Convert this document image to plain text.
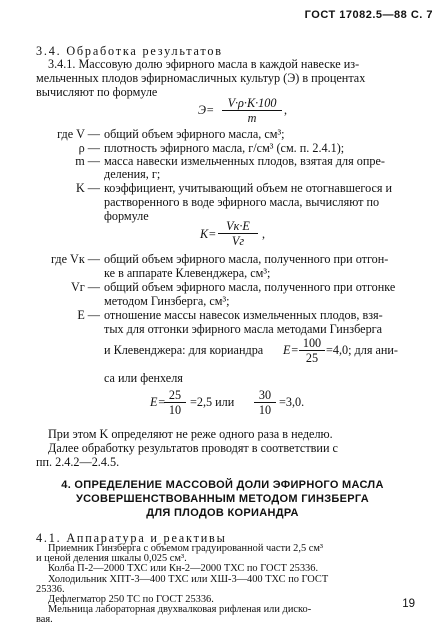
ГОСТ 17082.5—88 С. 7
3.4. Обработка результатов
3.4.1. Массовую долю эфирного масла в каждой навеске из-
мельченных плодов эфирномасличных культур (Э) в процентах
вычисляют по формуле
$Э= \frac{V\cdot\rho\cdot K\cdot 100}{m}$ ,
где V — общий объем эфирного масла, см³;
ρ — плотность эфирного масла, г/см³ (см. п. 2.4.1);
m — масса навески измельченных плодов, взятая для опре-
деления, г;
K — коэффициент, учитывающий объем не отогнавшегося и
растворенного в воде эфирного масла, вычисляют по
формуле
K=
Vк·E
Vг	,
где Vк — общий объем эфирного масла, полученного при отгон-
ке в аппарате Клевенджера, см³;
Vг — общий объем эфирного масла, полученного при отгонке
методом Гинзберга, см³;
E — отношение массы навесок измельченных плодов, взя-
тых для отгонки эфирного масла методами Гинзберга
и Клевенджера: для кориандра $E= \frac{100}{25} =4,0$; для ани-
са или фенхеля
E=
$\frac{25}{10} =2,5$ или $\frac{30}{10} =3,0$.
При этом K определяют не реже одного раза в неделю.
Далее обработку результатов проводят в соответствии с
пп. 2.4.2—2.4.5.
4. ОПРЕДЕЛЕНИЕ МАССОВОЙ ДОЛИ ЭФИРНОГО МАСЛА
УСОВЕРШЕНСТВОВАННЫМ МЕТОДОМ ГИНЗБЕРГА
ДЛЯ ПЛОДОВ КОРИАНДРА
4.1. Аппаратура и реактивы
19
Приемник Гинзберга с объемом градуированной части 2,5 см³
и ценой деления шкалы 0,025 см³.
Колба П-2—2000 ТХС или Кн-2—2000 ТХС по ГОСТ 25336.
Холодильник ХПТ-3—400 ТХС или ХШ-3—400 ТХС по ГОСТ
25336.
Дефлегматор 250 ТС по ГОСТ 25336.
Мельница лабораторная двухвалковая рифленая или диско-
вая.
